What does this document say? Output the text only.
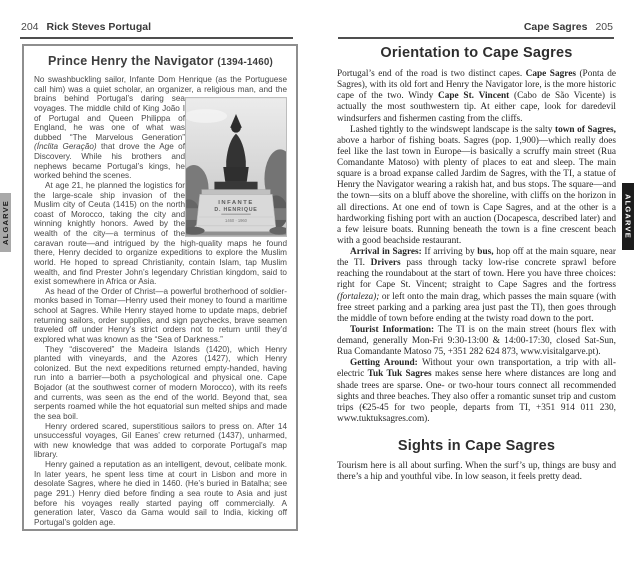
204 Rick Steves Portugal
ALGARVE
Prince Henry the Navigator (1394-1460)
INFANTE
D. HENRIQUE
1460 · 1960

No swashbuckling sailor, Infante Dom Henrique (as the Portuguese call him) was a quiet scholar, an organizer, a religious man, and the brains behind Portugal’s daring sea voyages. The middle child of King João I of Portugal and Queen Philippa of England, he was one of what was dubbed “The Marvelous Generation” (Ínclita Geração) that drove the Age of Discovery. While his brothers and nephews became Portugal’s kings, he worked behind the scenes.

At age 21, he planned the logistics for the large-scale ship invasion of the Muslim city of Ceuta (1415) on the north coast of Morocco, taking the city and winning knightly honors. Awed by the wealth of the city—a terminus of the caravan route—and intrigued by the high-quality maps he found there, Henry decided to organize expeditions to explore the Muslim world. He hoped to spread Christianity, contain Islam, tap Muslim wealth, and find Prester John’s legendary Christian kingdom, said to exist somewhere in Africa or Asia.

As head of the Order of Christ—a powerful brotherhood of soldier-monks based in Tomar—Henry used their money to found a maritime school at Sagres. While Henry stayed home to update maps, debrief returning sailors, order supplies, and sign paychecks, brave seamen traveled off under Henry’s strict orders not to return until they’d explored what was known as the “Sea of Darkness.”

They “discovered” the Madeira Islands (1420), which Henry planted with vineyards, and the Azores (1427), which Henry colonized. But the next expeditions returned empty-handed, having run into a barrier—both a psychological and physical one. Cape Bojador (at the southwest corner of modern Morocco), with its reefs and currents, was seen as the end of the world. Beyond that, sea serpents roamed while the hot equatorial sun melted ships and made the sea boil.

Henry ordered scared, superstitious sailors to press on. After 14 unsuccessful voyages, Gil Eanes’ crew returned (1437), unharmed, with new knowledge that was added to corporate Portugal’s map library.

Henry gained a reputation as an intelligent, devout, celibate monk. In later years, he spent less time at court in Lisbon and more in desolate Sagres, where he died in 1460. (He’s buried in Batalha; see page 291.) Henry died before finding a sea route to Asia and just before his voyages really started paying off commercially. A generation later, Vasco da Gama would sail to India, kicking off Portugal’s golden age.

Cape Sagres 205
ALGARVE
Orientation to Cape Sagres

Portugal’s end of the road is two distinct capes. Cape Sagres (Ponta de Sagres), with its old fort and Henry the Navigator lore, is the more historic cape of the two. Windy Cape St. Vincent (Cabo de São Vicente) is actually the most southwestern tip. At either cape, look for daredevil windsurfers and fishermen casting from the cliffs.

Lashed tightly to the windswept landscape is the salty town of Sagres, above a harbor of fishing boats. Sagres (pop. 1,900)—which really does feel like the last town in Europe—is basically a scruffy main street (Rua Comandante Matoso) with plenty of places to eat and sleep. The main square is a broad expanse called Jardim de Sagres, with the TI, a statue of Henry the Navigator wearing a rakish hat, and bus stops. The square—and the town—sits on a bluff above the shoreline, with cliffs on the horizon in all directions. At one end of town is Cape Sagres, and at the other is a hardworking fishing port with an auction (Docapesca, described later) and a few leisure boats. Running beneath the town is a fine crescent beach with a good beachside restaurant.

Arrival in Sagres: If arriving by bus, hop off at the main square, near the TI. Drivers pass through tacky low-rise concrete sprawl before reaching the roundabout at the start of town. Here you have three choices: right for Cape St. Vincent; straight to Cape Sagres and the fortress (fortaleza); or left onto the main drag, which passes the main square (with free street parking and a parking area just past the TI), then goes through the middle of town before ending at the twisty road down to the port.

Tourist Information: The TI is on the main street (hours flex with demand, generally Mon-Fri 9:30-13:00 & 14:00-17:30, closed Sat-Sun, Rua Comandante Matoso 75, +351 282 624 873, www.visitalgarve.pt).

Getting Around: Without your own transportation, a trip with all-electric Tuk Tuk Sagres makes sense here where distances are long and shade trees are sparse. One- or two-hour tours connect all recommended sights and three beaches. They also offer a romantic sunset trip and custom trips (€25-45 for two people, departs from TI, +351 914 011 230, www.tuktuksagres.com).

Sights in Cape Sagres

Tourism here is all about surfing. When the surf’s up, things are busy and there’s a hip and youthful vibe. In low season, it feels pretty dead.
